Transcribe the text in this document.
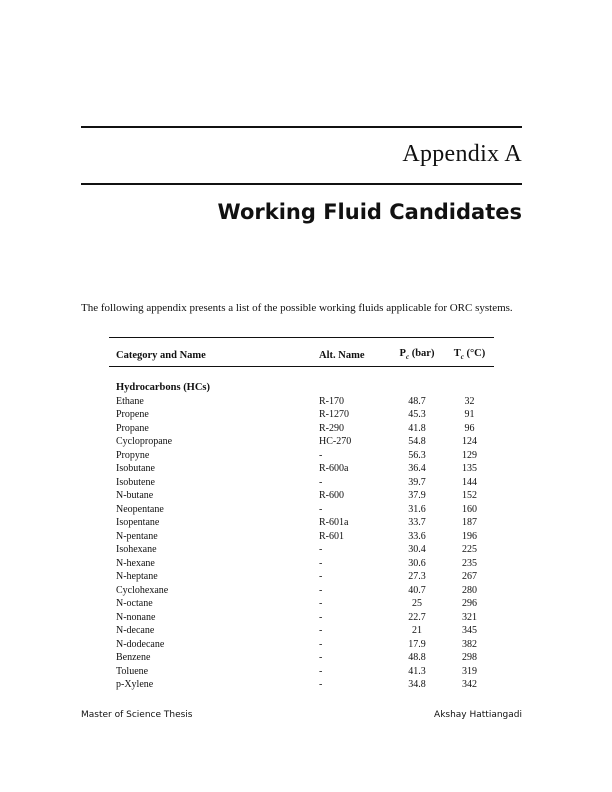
Appendix A
Working Fluid Candidates

The following appendix presents a list of the possible working fluids applicable for ORC systems.

Category and Name	Alt. Name	$P_c$ (bar)	$T_c$ (°C)
Hydrocarbons (HCs)			
Ethane	R-170	48.7	32
Propene	R-1270	45.3	91
Propane	R-290	41.8	96
Cyclopropane	HC-270	54.8	124
Propyne	-	56.3	129
Isobutane	R-600a	36.4	135
Isobutene	-	39.7	144
N-butane	R-600	37.9	152
Neopentane	-	31.6	160
Isopentane	R-601a	33.7	187
N-pentane	R-601	33.6	196
Isohexane	-	30.4	225
N-hexane	-	30.6	235
N-heptane	-	27.3	267
Cyclohexane	-	40.7	280
N-octane	-	25	296
N-nonane	-	22.7	321
N-decane	-	21	345
N-dodecane	-	17.9	382
Benzene	-	48.8	298
Toluene	-	41.3	319
p-Xylene	-	34.8	342
Master of Science Thesis	Akshay Hattiangadi
